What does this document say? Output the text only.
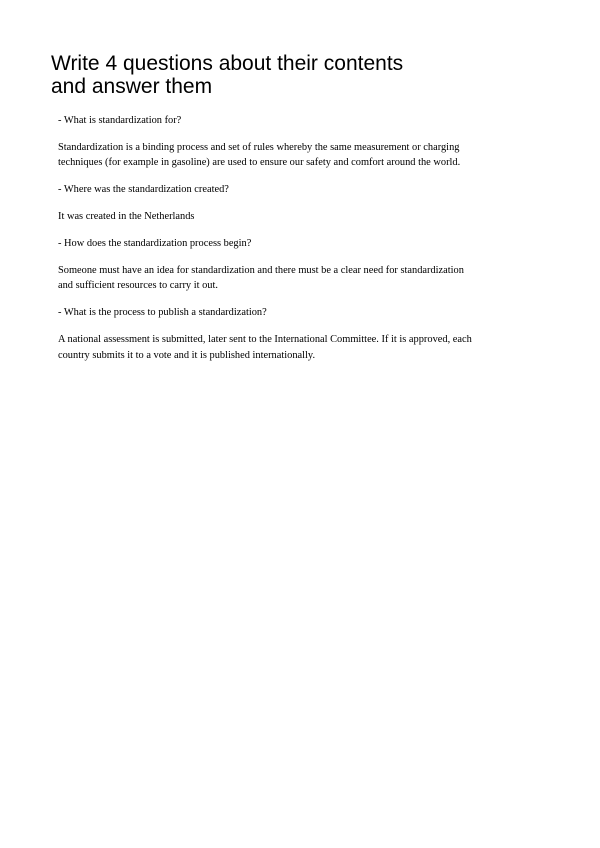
Write 4 questions about their contents
and answer them

- What is standardization for?

Standardization is a binding process and set of rules whereby the same measurement or charging
techniques (for example in gasoline) are used to ensure our safety and comfort around the world.

- Where was the standardization created?

It was created in the Netherlands

- How does the standardization process begin?

Someone must have an idea for standardization and there must be a clear need for standardization
and sufficient resources to carry it out.

- What is the process to publish a standardization?

A national assessment is submitted, later sent to the International Committee. If it is approved, each
country submits it to a vote and it is published internationally.
